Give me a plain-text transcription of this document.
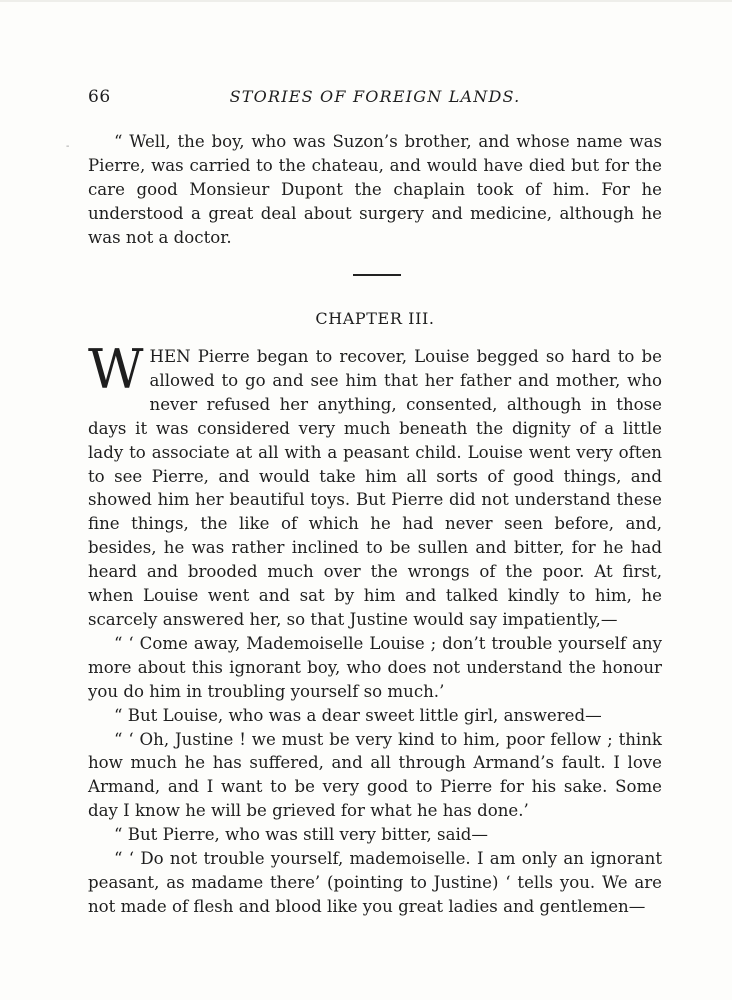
-
66	STORIES OF FOREIGN LANDS.

“ Well, the boy, who was Suzon’s brother, and whose name was Pierre, was carried to the chateau, and would have died but for the care good Monsieur Dupont the chaplain took of him. For he understood a great deal about surgery and medicine, although he was not a doctor.

CHAPTER III.

WHEN Pierre began to recover, Louise begged so hard to be allowed to go and see him that her father and mother, who never refused her anything, consented, although in those days it was considered very much beneath the dignity of a little lady to associate at all with a peasant child. Louise went very often to see Pierre, and would take him all sorts of good things, and showed him her beautiful toys. But Pierre did not understand these fine things, the like of which he had never seen before, and, besides, he was rather inclined to be sullen and bitter, for he had heard and brooded much over the wrongs of the poor. At first, when Louise went and sat by him and talked kindly to him, he scarcely answered her, so that Justine would say impatiently,—

“ ‘ Come away, Mademoiselle Louise ; don’t trouble yourself any more about this ignorant boy, who does not understand the honour you do him in troubling yourself so much.’

“ But Louise, who was a dear sweet little girl, answered—

“ ‘ Oh, Justine ! we must be very kind to him, poor fellow ; think how much he has suffered, and all through Armand’s fault. I love Armand, and I want to be very good to Pierre for his sake. Some day I know he will be grieved for what he has done.’

“ But Pierre, who was still very bitter, said—

“ ‘ Do not trouble yourself, mademoiselle. I am only an ignorant peasant, as madame there’ (pointing to Justine) ‘ tells you. We are not made of flesh and blood like you great ladies and gentlemen—
